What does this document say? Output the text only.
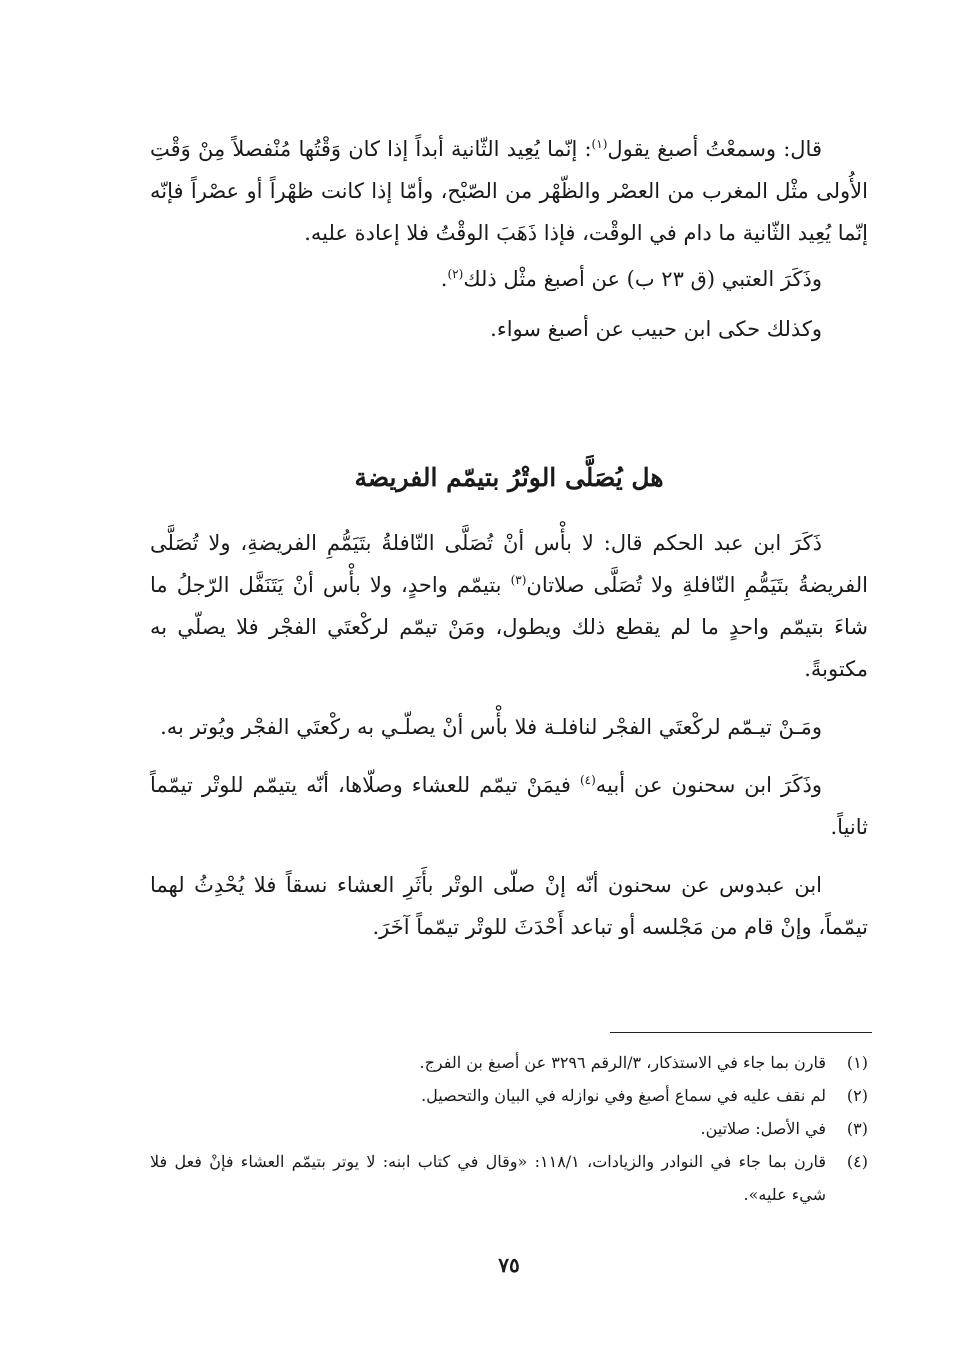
قال: وسمعْتُ أصبغ يقول$^{(١)}$: إنّما يُعِيد الثّانية أبداً إذا كان وَقْتُها مُنْفصلاً مِنْ وَقْتِ الأُولى مثْل المغرب من العصْر والظّهْر من الصّبْح، وأمّا إذا كانت ظهْراً أو عصْراً فإنّه إنّما يُعِيد الثّانية ما دام في الوقْت، فإذا ذَهَبَ الوقْتُ فلا إعادة عليه.

وذَكَرَ العتبي (ق ٢٣ ب) عن أصبغ مثْل ذلك$^{(٢)}$.

وكذلك حكى ابن حبيب عن أصبغ سواء.

هل يُصَلَّى الوتْرُ بتيمّم الفريضة

ذَكَرَ ابن عبد الحكم قال: لا بأْس أنْ تُصَلَّى النّافلةُ بتَيَمُّمِ الفريضةِ، ولا تُصَلَّى الفريضةُ بتَيَمُّمِ النّافلةِ ولا تُصَلَّى صلاتان$^{(٣)}$ بتيمّم واحدٍ، ولا بأْس أنْ يَتَنَفَّل الرّجلُ ما شاءَ بتيمّم واحدٍ ما لم يقطع ذلك ويطول، ومَنْ تيمّم لركْعتَي الفجْر فلا يصلّي به مكتوبةً.

ومَـنْ تيـمّم لركْعتَي الفجْر لنافلـة فلا بأْس أنْ يصلّـي به ركْعتَي الفجْر ويُوتر به.

وذَكَرَ ابن سحنون عن أبيه$^{(٤)}$ فيمَنْ تيمّم للعشاء وصلّاها، أنّه يتيمّم للوتْر تيمّماً ثانياً.

ابن عبدوس عن سحنون أنّه إنْ صلّى الوتْر بأَثَرِ العشاء نسقاً فلا يُحْدِثُ لهما تيمّماً، وإنْ قام من مَجْلسه أو تباعد أَحْدَثَ للوتْر تيمّماً آخَرَ.

(١)
قارن بما جاء في الاستذكار، ٣/الرقم ٣٢٩٦ عن أصبغ بن الفرج.
(٢)
لم نقف عليه في سماع أصبغ وفي نوازله في البيان والتحصيل.
(٣)
في الأصل: صلاتين.
(٤)
قارن بما جاء في النوادر والزيادات، ١١٨/١: «وقال في كتاب ابنه: لا يوتر بتيمّم العشاء فإنْ فعل فلا شيء عليه».
٧٥
